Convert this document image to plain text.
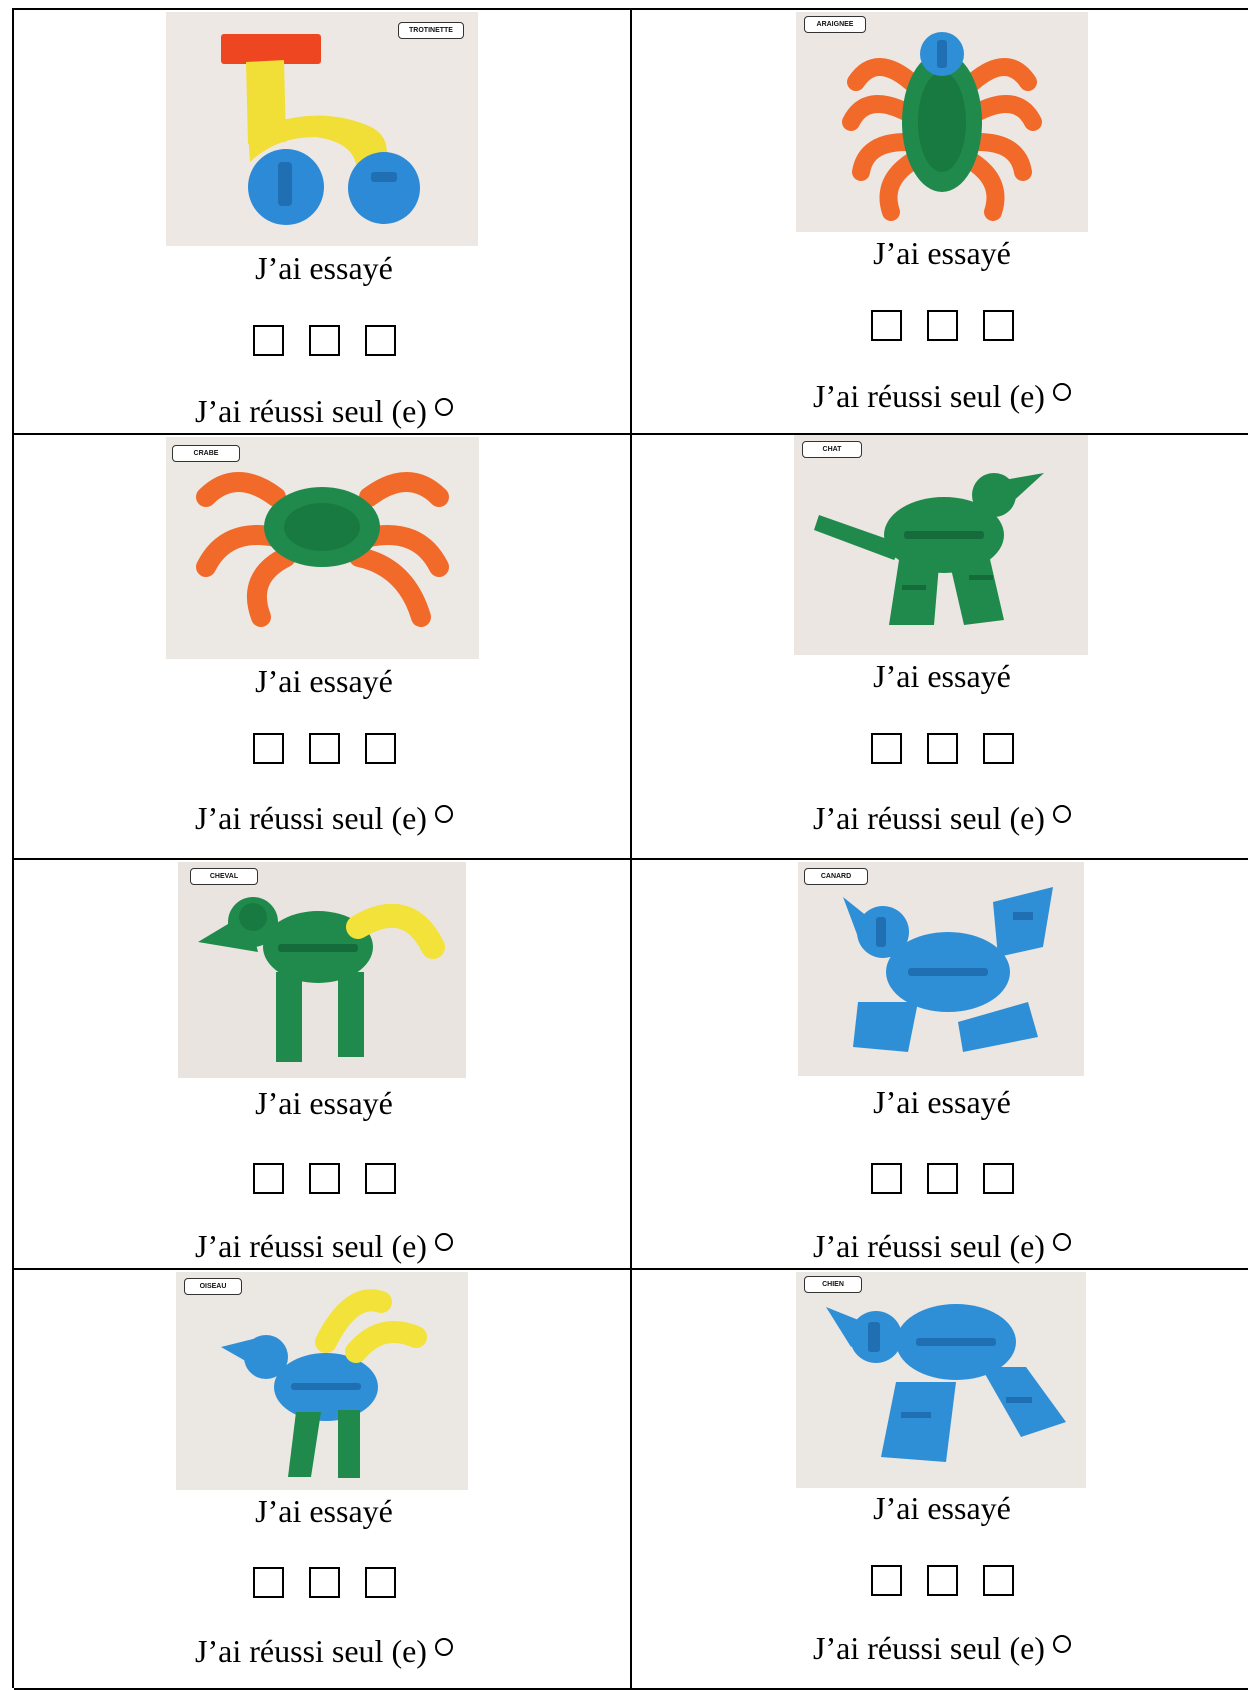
TROTINETTE
J’ai essayé
J’ai réussi seul (e)
ARAIGNEE
J’ai essayé
J’ai réussi seul (e)
CRABE
J’ai essayé
J’ai réussi seul (e)
CHAT
J’ai essayé
J’ai réussi seul (e)
CHEVAL
J’ai essayé
J’ai réussi seul (e)
CANARD
J’ai essayé
J’ai réussi seul (e)
OISEAU
J’ai essayé
J’ai réussi seul (e)
CHIEN
J’ai essayé
J’ai réussi seul (e)
